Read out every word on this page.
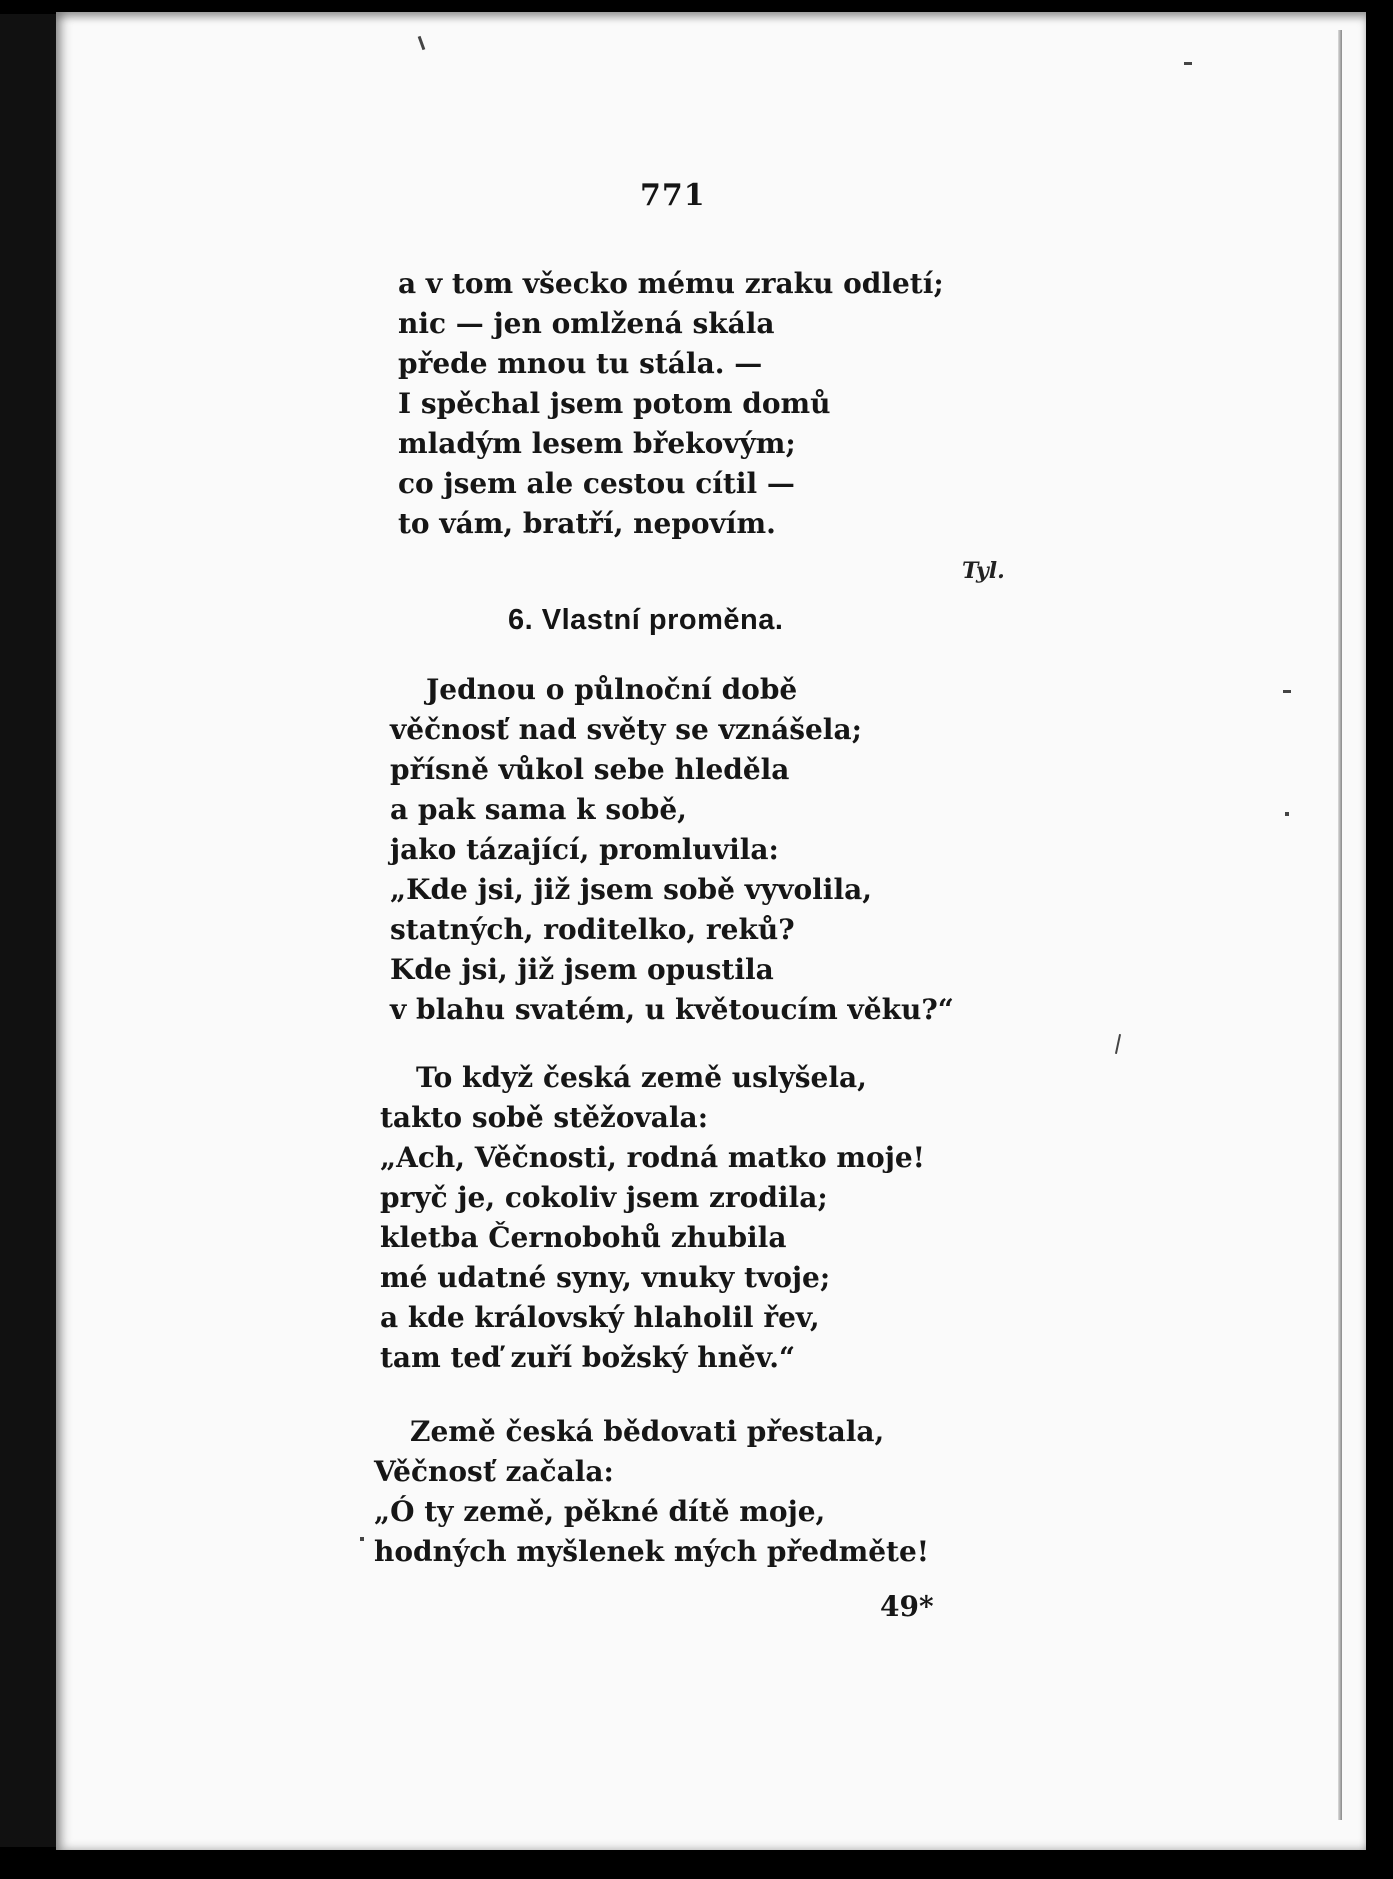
771
a v tom všecko mému zraku odletí;
nic — jen omlžená skála
přede mnou tu stála. —
I spěchal jsem potom domů
mladým lesem břekovým;
co jsem ale cestou cítil —
to vám, bratří, nepovím.
Tyl.
6. Vlastní proměna.
Jednou o půlnoční době
věčnosť nad světy se vznášela;
přísně vůkol sebe hleděla
a pak sama k sobě,
jako tázající, promluvila:
„Kde jsi, již jsem sobě vyvolila,
statných, roditelko, reků?
Kde jsi, již jsem opustila
v blahu svatém, u květoucím věku?“
To když česká země uslyšela,
takto sobě stěžovala:
„Ach, Věčnosti, rodná matko moje!
pryč je, cokoliv jsem zrodila;
kletba Černobohů zhubila
mé udatné syny, vnuky tvoje;
a kde královský hlaholil řev,
tam teď zuří božský hněv.“
Země česká bědovati přestala,
Věčnosť začala:
„Ó ty země, pěkné dítě moje,
hodných myšlenek mých předměte!
49*
